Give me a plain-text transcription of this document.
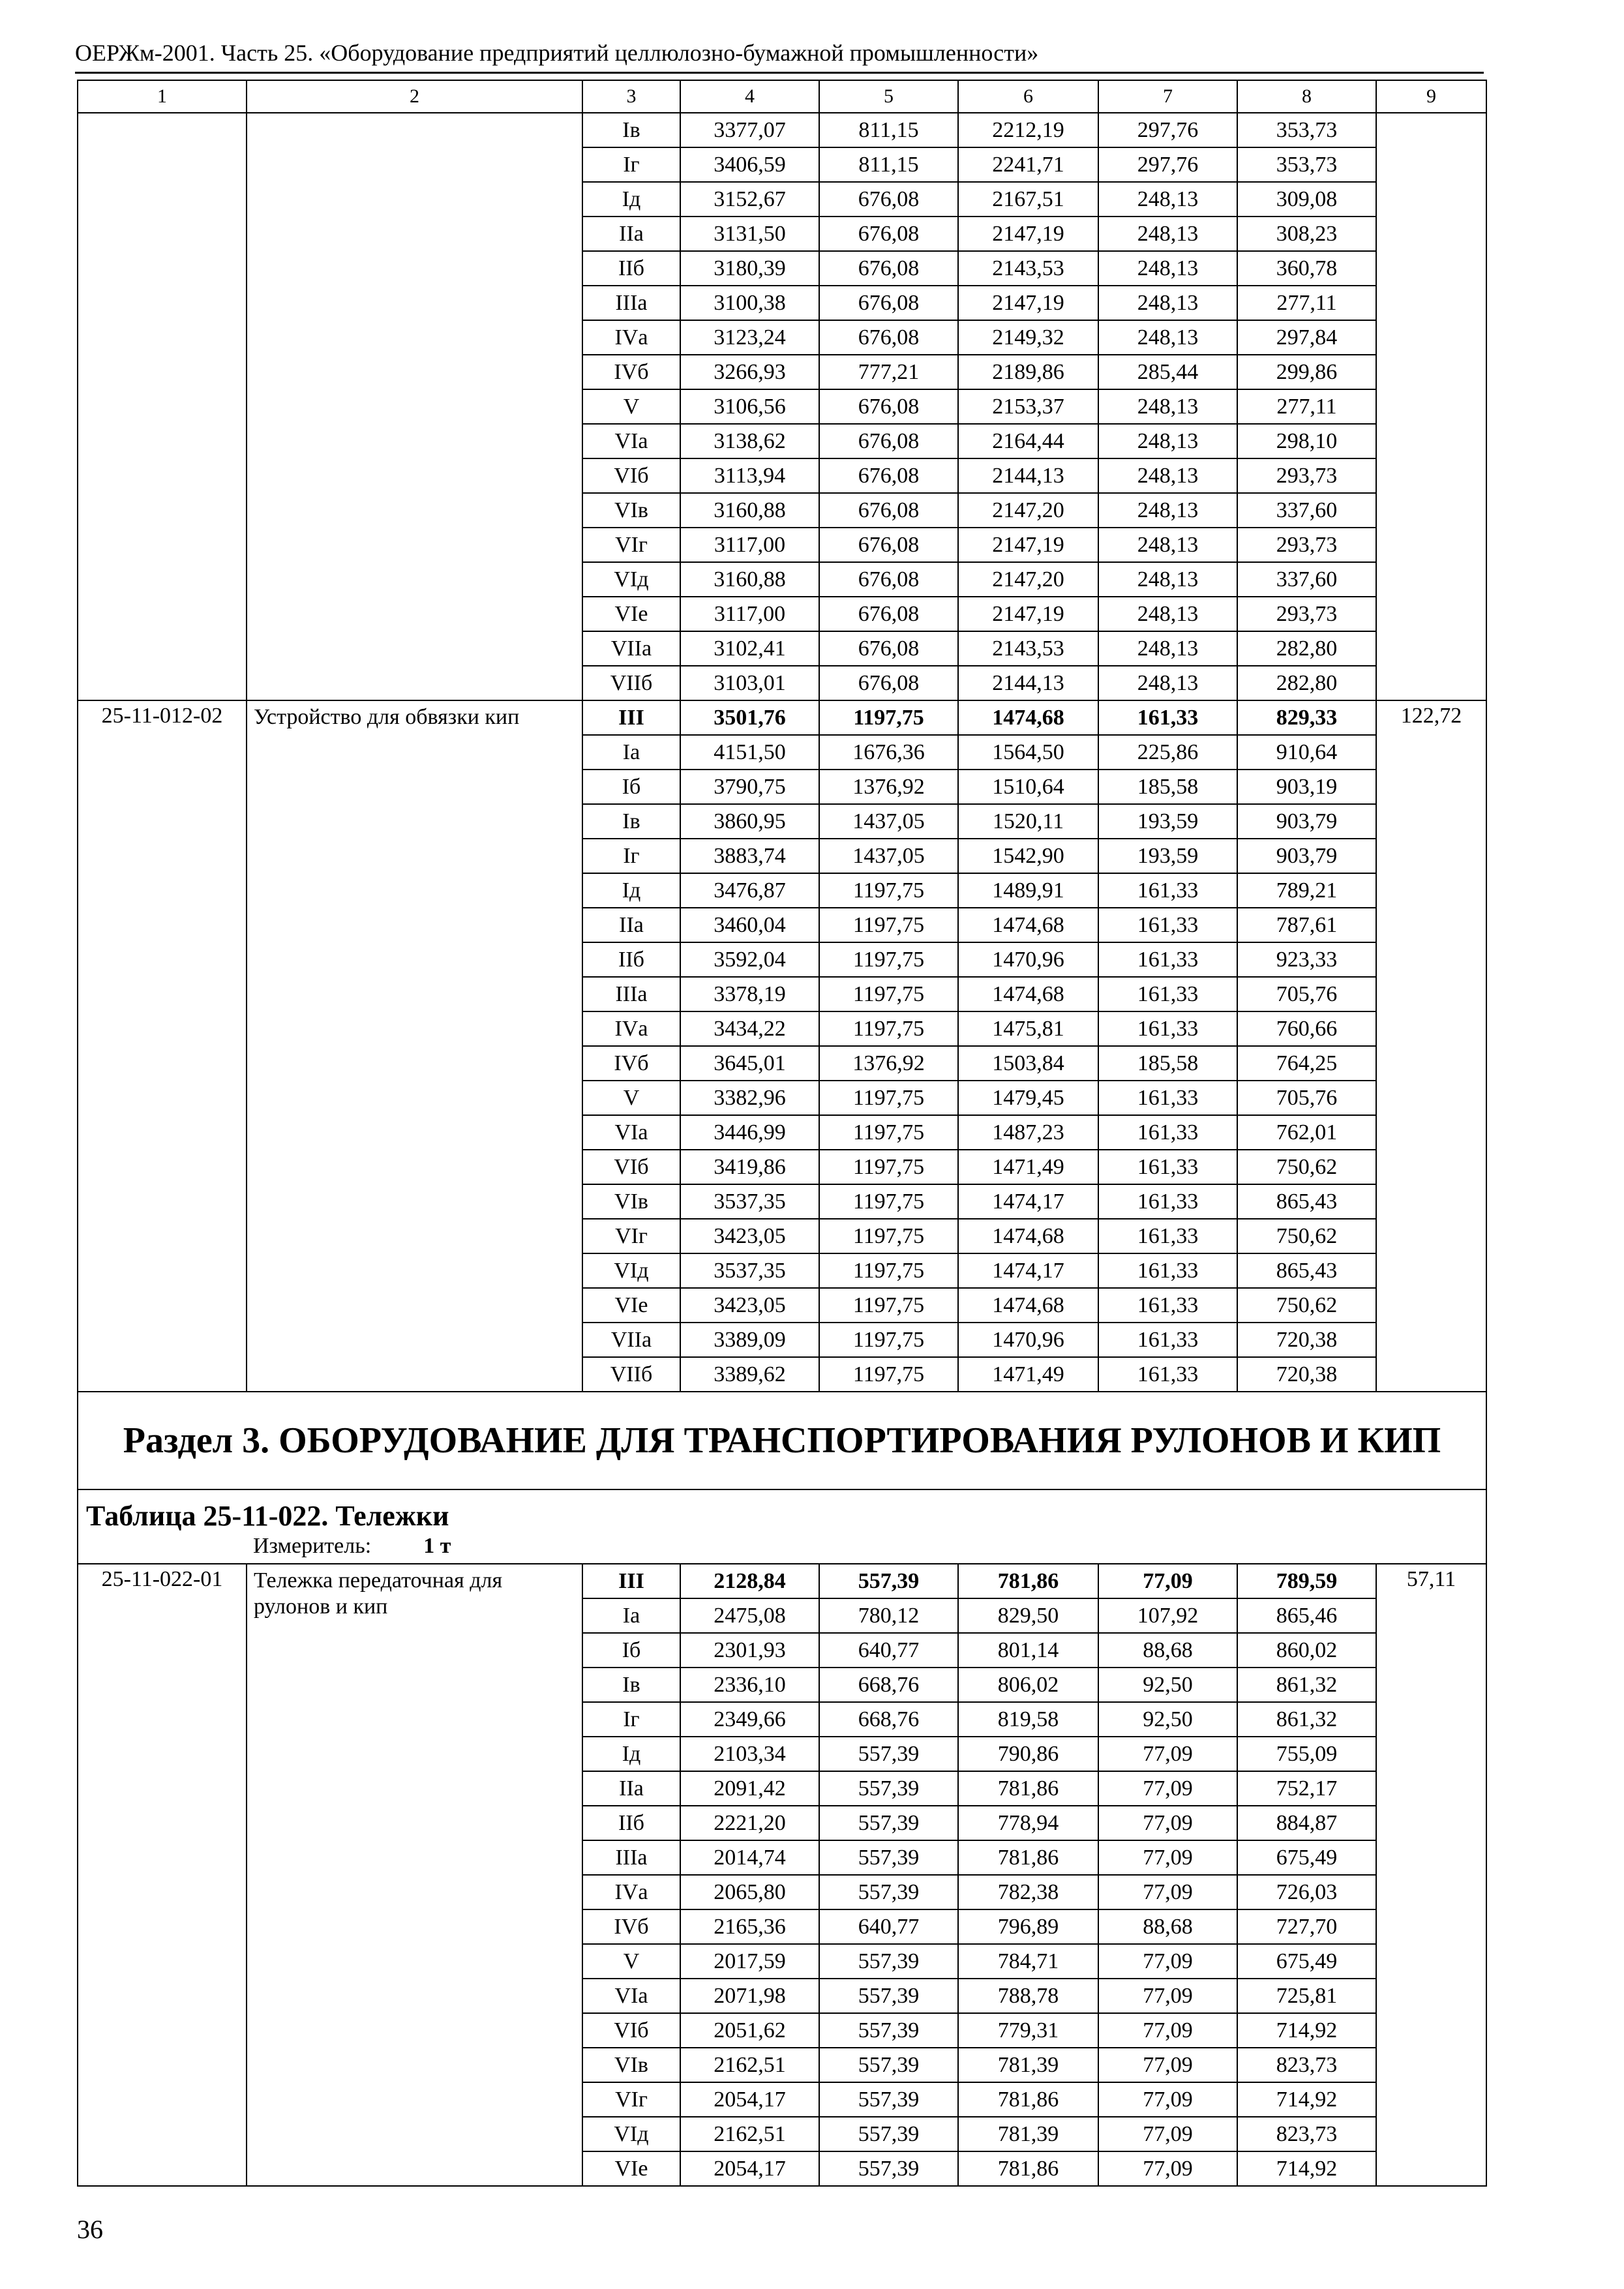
ОЕРЖм-2001. Часть 25. «Оборудование предприятий целлюлозно-бумажной промышленности»
1	2	3	4	5	6	7	8	9
		Iв	3377,07	811,15	2212,19	297,76	353,73	
		Iг	3406,59	811,15	2241,71	297,76	353,73	
		Iд	3152,67	676,08	2167,51	248,13	309,08	
		IIа	3131,50	676,08	2147,19	248,13	308,23	
		IIб	3180,39	676,08	2143,53	248,13	360,78	
		IIIа	3100,38	676,08	2147,19	248,13	277,11	
		IVа	3123,24	676,08	2149,32	248,13	297,84	
		IVб	3266,93	777,21	2189,86	285,44	299,86	
		V	3106,56	676,08	2153,37	248,13	277,11	
		VIа	3138,62	676,08	2164,44	248,13	298,10	
		VIб	3113,94	676,08	2144,13	248,13	293,73	
		VIв	3160,88	676,08	2147,20	248,13	337,60	
		VIг	3117,00	676,08	2147,19	248,13	293,73	
		VIд	3160,88	676,08	2147,20	248,13	337,60	
		VIе	3117,00	676,08	2147,19	248,13	293,73	
		VIIа	3102,41	676,08	2143,53	248,13	282,80	
		VIIб	3103,01	676,08	2144,13	248,13	282,80	
25-11-012-02	Устройство для обвязки кип	III	3501,76	1197,75	1474,68	161,33	829,33	122,72
		Iа	4151,50	1676,36	1564,50	225,86	910,64	
		Iб	3790,75	1376,92	1510,64	185,58	903,19	
		Iв	3860,95	1437,05	1520,11	193,59	903,79	
		Iг	3883,74	1437,05	1542,90	193,59	903,79	
		Iд	3476,87	1197,75	1489,91	161,33	789,21	
		IIа	3460,04	1197,75	1474,68	161,33	787,61	
		IIб	3592,04	1197,75	1470,96	161,33	923,33	
		IIIа	3378,19	1197,75	1474,68	161,33	705,76	
		IVа	3434,22	1197,75	1475,81	161,33	760,66	
		IVб	3645,01	1376,92	1503,84	185,58	764,25	
		V	3382,96	1197,75	1479,45	161,33	705,76	
		VIа	3446,99	1197,75	1487,23	161,33	762,01	
		VIб	3419,86	1197,75	1471,49	161,33	750,62	
		VIв	3537,35	1197,75	1474,17	161,33	865,43	
		VIг	3423,05	1197,75	1474,68	161,33	750,62	
		VIд	3537,35	1197,75	1474,17	161,33	865,43	
		VIе	3423,05	1197,75	1474,68	161,33	750,62	
		VIIа	3389,09	1197,75	1470,96	161,33	720,38	
		VIIб	3389,62	1197,75	1471,49	161,33	720,38	
Раздел 3. ОБОРУДОВАНИЕ ДЛЯ ТРАНСПОРТИРОВАНИЯ РУЛОНОВ И КИП								

Таблица 25-11-022. Тележки
Измеритель: 1 т								

25-11-022-01	Тележка передаточная для рулонов и кип	III	2128,84	557,39	781,86	77,09	789,59	57,11
		Iа	2475,08	780,12	829,50	107,92	865,46	
		Iб	2301,93	640,77	801,14	88,68	860,02	
		Iв	2336,10	668,76	806,02	92,50	861,32	
		Iг	2349,66	668,76	819,58	92,50	861,32	
		Iд	2103,34	557,39	790,86	77,09	755,09	
		IIа	2091,42	557,39	781,86	77,09	752,17	
		IIб	2221,20	557,39	778,94	77,09	884,87	
		IIIа	2014,74	557,39	781,86	77,09	675,49	
		IVа	2065,80	557,39	782,38	77,09	726,03	
		IVб	2165,36	640,77	796,89	88,68	727,70	
		V	2017,59	557,39	784,71	77,09	675,49	
		VIа	2071,98	557,39	788,78	77,09	725,81	
		VIб	2051,62	557,39	779,31	77,09	714,92	
		VIв	2162,51	557,39	781,39	77,09	823,73	
		VIг	2054,17	557,39	781,86	77,09	714,92	
		VIд	2162,51	557,39	781,39	77,09	823,73	
		VIе	2054,17	557,39	781,86	77,09	714,92	
36
